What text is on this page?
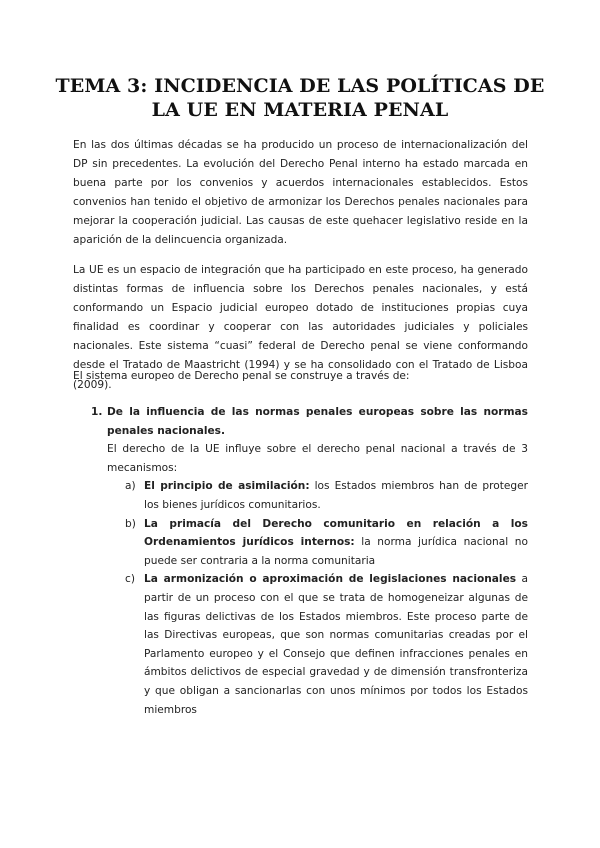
TEMA 3: INCIDENCIA DE LAS POLÍTICAS DE LA UE EN MATERIA PENAL

En las dos últimas décadas se ha producido un proceso de internacionalización del DP sin precedentes. La evolución del Derecho Penal interno ha estado marcada en buena parte por los convenios y acuerdos internacionales establecidos. Estos convenios han tenido el objetivo de armonizar los Derechos penales nacionales para mejorar la cooperación judicial. Las causas de este quehacer legislativo reside en la aparición de la delincuencia organizada.

La UE es un espacio de integración que ha participado en este proceso, ha generado distintas formas de influencia sobre los Derechos penales nacionales, y está conformando un Espacio judicial europeo dotado de instituciones propias cuya finalidad es coordinar y cooperar con las autoridades judiciales y policiales nacionales. Este sistema “cuasi” federal de Derecho penal se viene conformando desde el Tratado de Maastricht (1994) y se ha consolidado con el Tratado de Lisboa (2009).

El sistema europeo de Derecho penal se construye a través de:

1. De la influencia de las normas penales europeas sobre las normas penales nacionales.
El derecho de la UE influye sobre el derecho penal nacional a través de 3 mecanismos:
a) El principio de asimilación: los Estados miembros han de proteger los bienes jurídicos comunitarios.
b) La primacía del Derecho comunitario en relación a los Ordenamientos jurídicos internos: la norma jurídica nacional no puede ser contraria a la norma comunitaria
c) La armonización o aproximación de legislaciones nacionales a partir de un proceso con el que se trata de homogeneizar algunas de las figuras delictivas de los Estados miembros. Este proceso parte de las Directivas europeas, que son normas comunitarias creadas por el Parlamento europeo y el Consejo que definen infracciones penales en ámbitos delictivos de especial gravedad y de dimensión transfronteriza y que obligan a sancionarlas con unos mínimos por todos los Estados miembros
